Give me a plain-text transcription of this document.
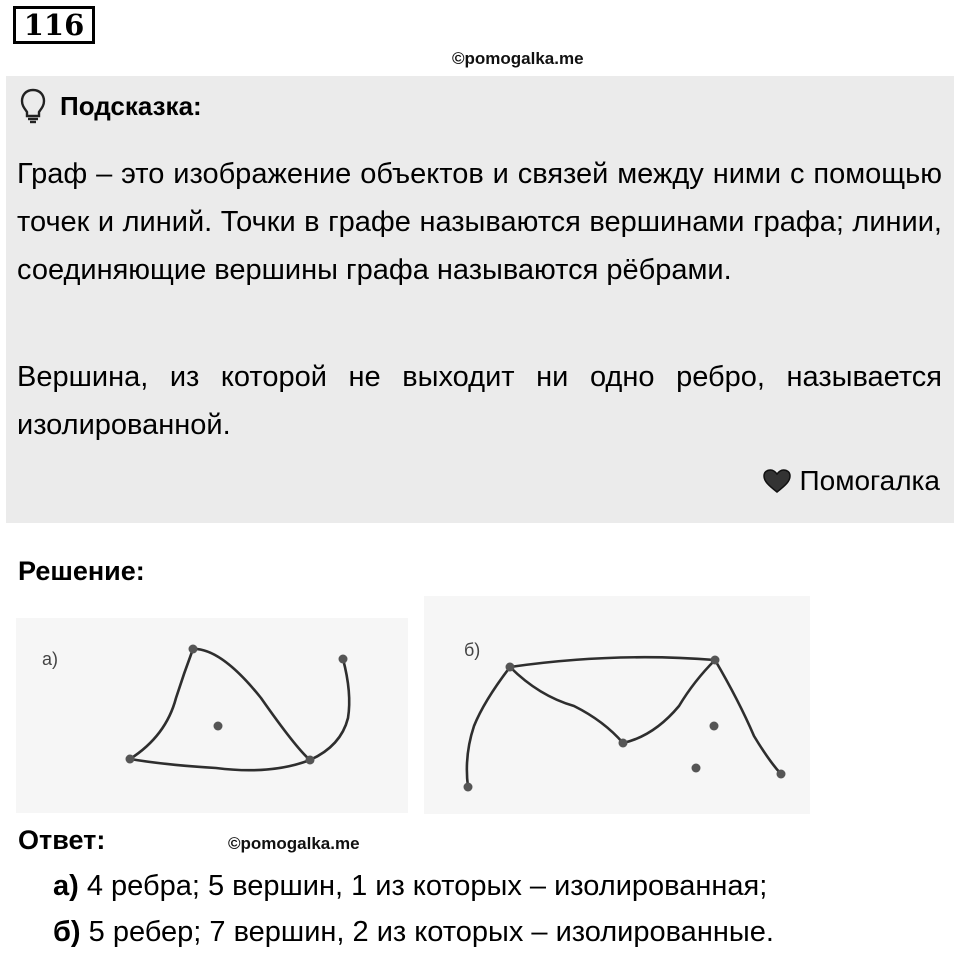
116
©pomogalka.me
Подсказка:

Граф – это изображение объектов и связей между ними с помощью точек и линий. Точки в графе называются вершинами графа; линии, соединяющие вершины графа называются рёбрами.

Вершина, из которой не выходит ни одно ребро, называется изолированной.

Помогалка
Решение:
а)	б)
Ответ:	©pomogalka.me
а) 4 ребра; 5 вершин, 1 из которых – изолированная;
б) 5 ребер; 7 вершин, 2 из которых – изолированные.
